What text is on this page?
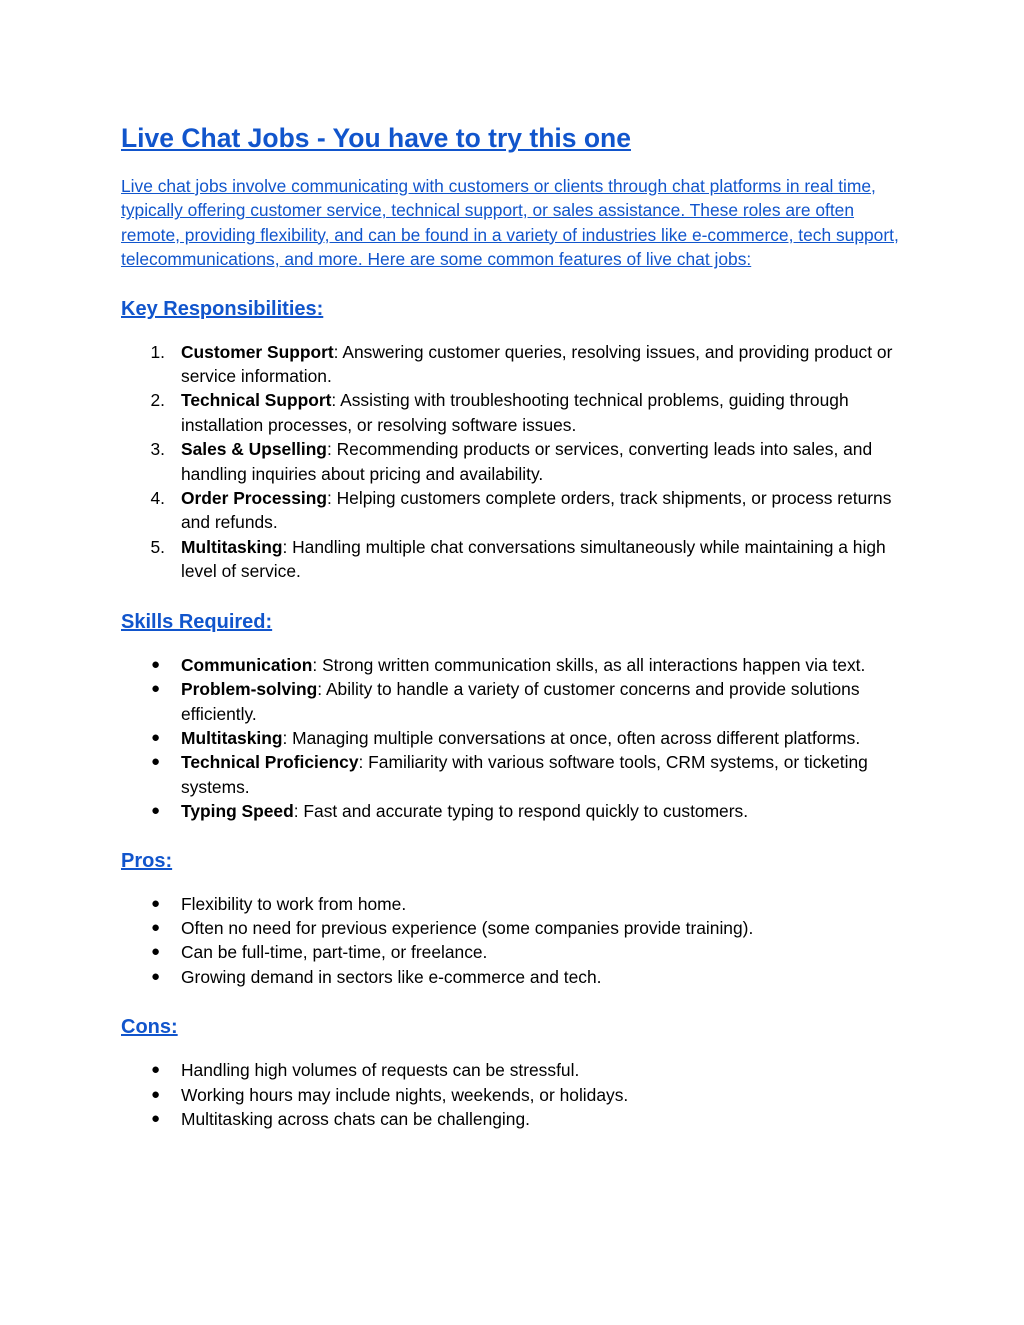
Live Chat Jobs - You have to try this one

Live chat jobs involve communicating with customers or clients through chat platforms in real time, typically offering customer service, technical support, or sales assistance. These roles are often remote, providing flexibility, and can be found in a variety of industries like e-commerce, tech support, telecommunications, and more. Here are some common features of live chat jobs:

Key Responsibilities:
1. Customer Support: Answering customer queries, resolving issues, and providing product or service information.
2. Technical Support: Assisting with troubleshooting technical problems, guiding through installation processes, or resolving software issues.
3. Sales & Upselling: Recommending products or services, converting leads into sales, and handling inquiries about pricing and availability.
4. Order Processing: Helping customers complete orders, track shipments, or process returns and refunds.
5. Multitasking: Handling multiple chat conversations simultaneously while maintaining a high level of service.
Skills Required:
● Communication: Strong written communication skills, as all interactions happen via text.
● Problem-solving: Ability to handle a variety of customer concerns and provide solutions efficiently.
● Multitasking: Managing multiple conversations at once, often across different platforms.
● Technical Proficiency: Familiarity with various software tools, CRM systems, or ticketing systems.
● Typing Speed: Fast and accurate typing to respond quickly to customers.
Pros:
● Flexibility to work from home.
● Often no need for previous experience (some companies provide training).
● Can be full-time, part-time, or freelance.
● Growing demand in sectors like e-commerce and tech.
Cons:
● Handling high volumes of requests can be stressful.
● Working hours may include nights, weekends, or holidays.
● Multitasking across chats can be challenging.
